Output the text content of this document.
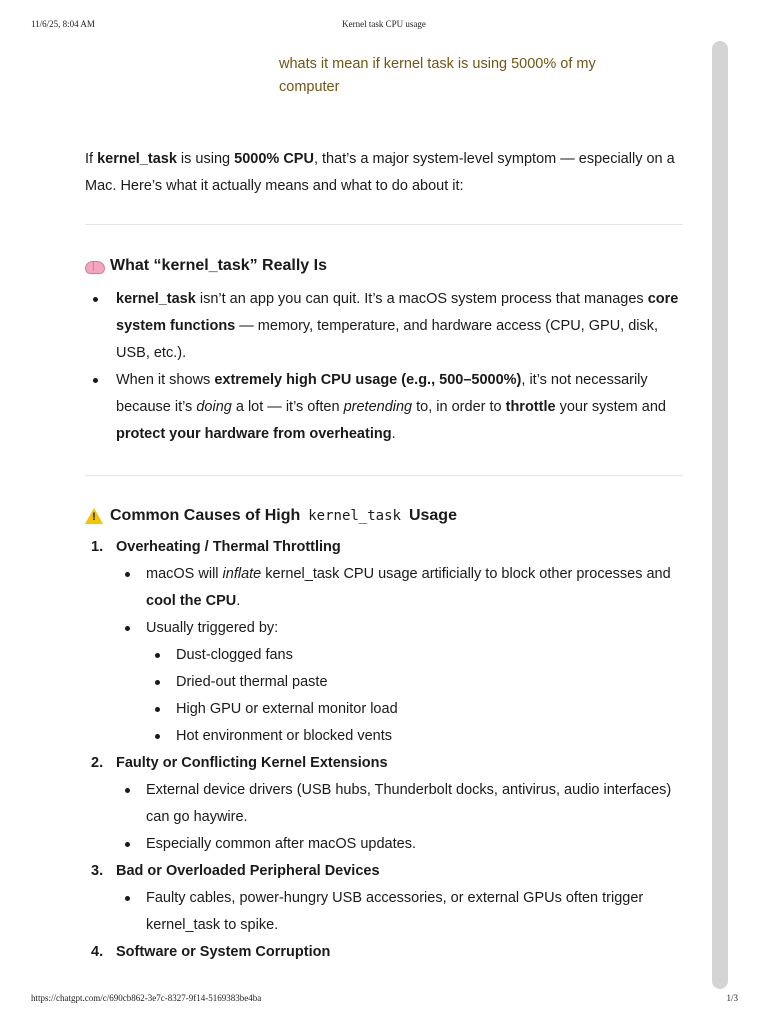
11/6/25, 8:04 AM	Kernel task CPU usage
whats it mean if kernel task is using 5000% of my computer

If kernel_task is using 5000% CPU, that’s a major system-level symptom — especially on a Mac. Here’s what it actually means and what to do about it:

What “kernel_task” Really Is
kernel_task isn’t an app you can quit. It’s a macOS system process that manages core system functions — memory, temperature, and hardware access (CPU, GPU, disk, USB, etc.).
When it shows extremely high CPU usage (e.g., 500–5000%), it’s not necessarily because it’s doing a lot — it’s often pretending to, in order to throttle your system and protect your hardware from overheating.
!
Common Causes of High kernel_task Usage
1. Overheating / Thermal Throttling
macOS will inflate kernel_task CPU usage artificially to block other processes and cool the CPU.
Usually triggered by:
Dust-clogged fans
Dried-out thermal paste
High GPU or external monitor load
Hot environment or blocked vents
2. Faulty or Conflicting Kernel Extensions
External device drivers (USB hubs, Thunderbolt docks, antivirus, audio interfaces) can go haywire.
Especially common after macOS updates.
3. Bad or Overloaded Peripheral Devices
Faulty cables, power-hungry USB accessories, or external GPUs often trigger kernel_task to spike.
4. Software or System Corruption
https://chatgpt.com/c/690cb862-3e7c-8327-9f14-5169383be4ba	1/3
